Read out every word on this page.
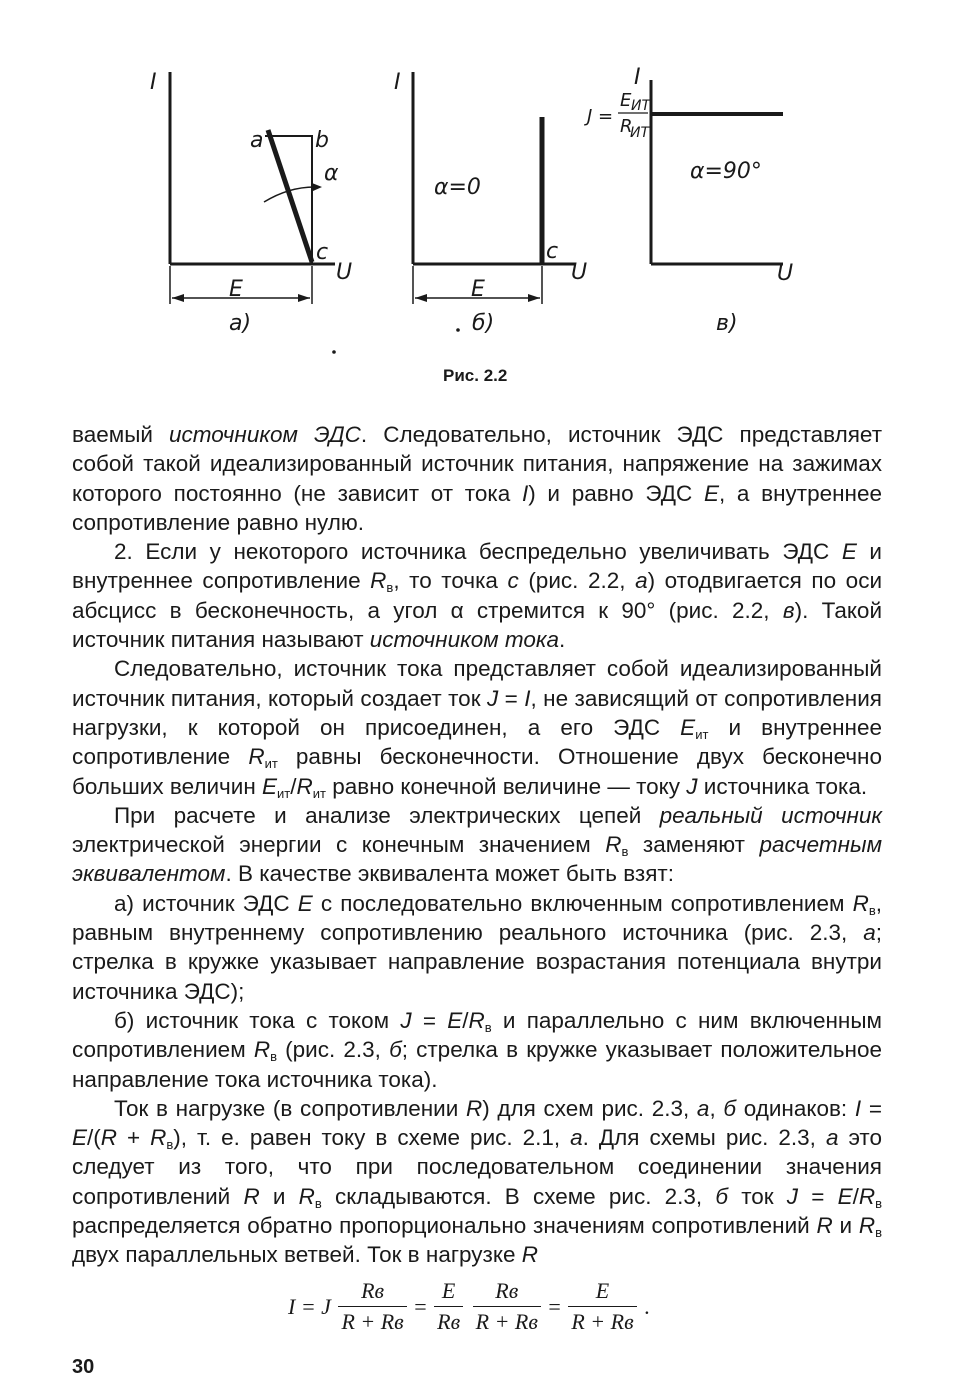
I
U
a b
α
c
E
а)
I
U
α=0
c
E
б)
I
U
J =
E ИТ
R
ИТ
α=90°
в)
Рис. 2.2

ваемый источником ЭДС. Следовательно, источник ЭДС представляет собой такой идеализированный источник питания, напряжение на зажимах которого постоянно (не зависит от тока I) и равно ЭДС E, а внутреннее сопротивление равно нулю.

2. Если у некоторого источника беспредельно увеличивать ЭДС E и внутреннее сопротивление $R_в$, то точка с (рис. 2.2, а) отодвигается по оси абсцисс в бесконечность, а угол α стремится к 90° (рис. 2.2, в). Такой источник питания называют источником тока.

Следовательно, источник тока представляет собой идеализированный источник питания, который создает ток J = I, не зависящий от сопротивления нагрузки, к которой он присоединен, а его ЭДС $E_{ит}$ и внутреннее сопротивление $R_{ит}$ равны бесконечности. Отношение двух бесконечно больших величин $E_{ит}/R_{ит}$ равно конечной величине — току J источника тока.

При расчете и анализе электрических цепей реальный источник электрической энергии с конечным значением $R_в$ заменяют расчетным эквивалентом. В качестве эквивалента может быть взят:

а) источник ЭДС E с последовательно включенным сопротивлением $R_в$, равным внутреннему сопротивлению реального источника (рис. 2.3, а; стрелка в кружке указывает направление возрастания потенциала внутри источника ЭДС);

б) источник тока с током $J = E/R_в$ и параллельно с ним включенным сопротивлением $R_в$ (рис. 2.3, б; стрелка в кружке указывает положительное направление тока источника тока).

Ток в нагрузке (в сопротивлении R) для схем рис. 2.3, а, б одинаков: $I = E/(R + R_в)$, т. е. равен току в схеме рис. 2.1, а. Для схемы рис. 2.3, а это следует из того, что при последовательном соединении значения сопротивлений R и $R_в$ складываются. В схеме рис. 2.3, б ток $J = E/R_в$ распределяется обратно пропорционально значениям сопротивлений R и $R_в$ двух параллельных ветвей. Ток в нагрузке R

I = J $\frac{Rв}{R + Rв} = \frac{E}{Rв}$
$\frac{Rв}{R + Rв} = \frac{E}{R + Rв}$ .
30
